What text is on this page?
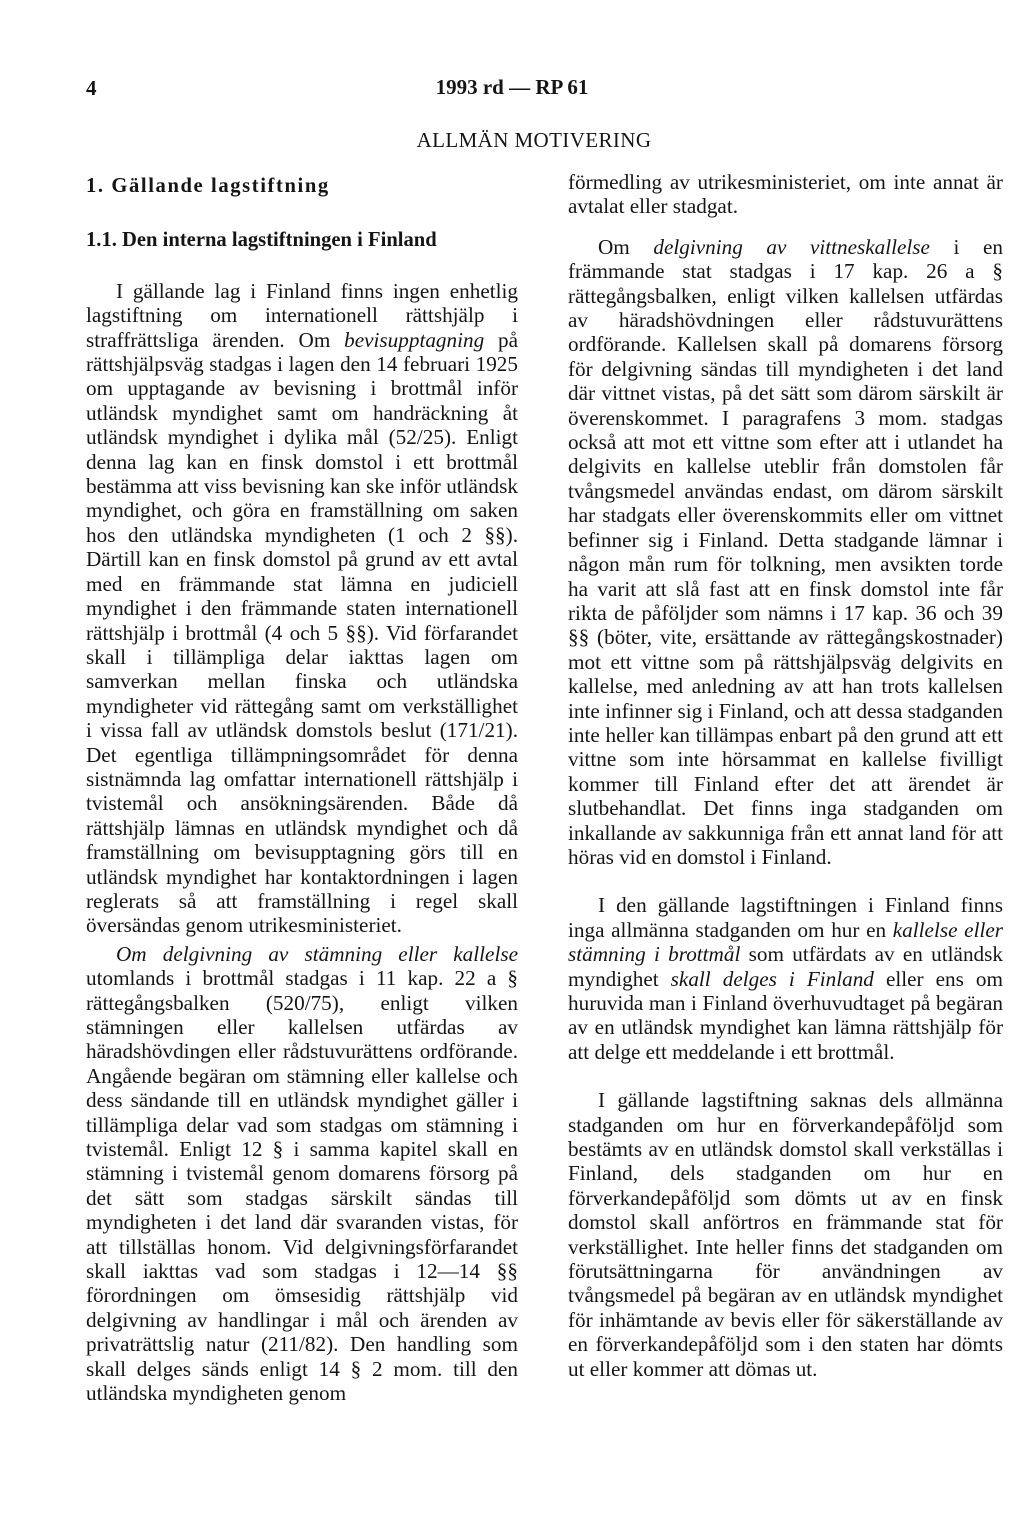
4	1993 rd — RP 61
ALLMÄN MOTIVERING

1. Gällande lagstiftning

1.1. Den interna lagstiftningen i Finland

I gällande lag i Finland finns ingen enhetlig lagstiftning om internationell rättshjälp i straffrättsliga ärenden. Om bevisupptagning på rättshjälpsväg stadgas i lagen den 14 februari 1925 om upptagande av bevisning i brottmål inför utländsk myndighet samt om handräckning åt utländsk myndighet i dylika mål (52/25). Enligt denna lag kan en finsk domstol i ett brottmål bestämma att viss bevisning kan ske inför utländsk myndighet, och göra en framställning om saken hos den utländska myndigheten (1 och 2 §§). Därtill kan en finsk domstol på grund av ett avtal med en främmande stat lämna en judiciell myndighet i den främmande staten internationell rättshjälp i brottmål (4 och 5 §§). Vid förfarandet skall i tillämpliga delar iakttas lagen om samverkan mellan finska och utländska myndigheter vid rättegång samt om verkställighet i vissa fall av utländsk domstols beslut (171/21). Det egentliga tillämpningsområdet för denna sistnämnda lag omfattar internationell rättshjälp i tvistemål och ansökningsärenden. Både då rättshjälp lämnas en utländsk myndighet och då framställning om bevisupptagning görs till en utländsk myndighet har kontaktordningen i lagen reglerats så att framställning i regel skall översändas genom utrikesministeriet.

Om delgivning av stämning eller kallelse utomlands i brottmål stadgas i 11 kap. 22 a § rättegångsbalken (520/75), enligt vilken stämningen eller kallelsen utfärdas av häradshövdingen eller rådstuvurättens ordförande. Angående begäran om stämning eller kallelse och dess sändande till en utländsk myndighet gäller i tillämpliga delar vad som stadgas om stämning i tvistemål. Enligt 12 § i samma kapitel skall en stämning i tvistemål genom domarens försorg på det sätt som stadgas särskilt sändas till myndigheten i det land där svaranden vistas, för att tillställas honom. Vid delgivningsförfarandet skall iakttas vad som stadgas i 12—14 §§ förordningen om ömsesidig rättshjälp vid delgivning av handlingar i mål och ärenden av privaträttslig natur (211/82). Den handling som skall delges sänds enligt 14 § 2 mom. till den utländska myndigheten genom

förmedling av utrikesministeriet, om inte annat är avtalat eller stadgat.

Om delgivning av vittneskallelse i en främmande stat stadgas i 17 kap. 26 a § rättegångsbalken, enligt vilken kallelsen utfärdas av häradshövdningen eller rådstuvurättens ordförande. Kallelsen skall på domarens försorg för delgivning sändas till myndigheten i det land där vittnet vistas, på det sätt som därom särskilt är överenskommet. I paragrafens 3 mom. stadgas också att mot ett vittne som efter att i utlandet ha delgivits en kallelse uteblir från domstolen får tvångsmedel användas endast, om därom särskilt har stadgats eller överenskommits eller om vittnet befinner sig i Finland. Detta stadgande lämnar i någon mån rum för tolkning, men avsikten torde ha varit att slå fast att en finsk domstol inte får rikta de påföljder som nämns i 17 kap. 36 och 39 §§ (böter, vite, ersättande av rättegångskostnader) mot ett vittne som på rättshjälpsväg delgivits en kallelse, med anledning av att han trots kallelsen inte infinner sig i Finland, och att dessa stadganden inte heller kan tillämpas enbart på den grund att ett vittne som inte hörsammat en kallelse fivilligt kommer till Finland efter det att ärendet är slutbehandlat. Det finns inga stadganden om inkallande av sakkunniga från ett annat land för att höras vid en domstol i Finland.

I den gällande lagstiftningen i Finland finns inga allmänna stadganden om hur en kallelse eller stämning i brottmål som utfärdats av en utländsk myndighet skall delges i Finland eller ens om huruvida man i Finland överhuvudtaget på begäran av en utländsk myndighet kan lämna rättshjälp för att delge ett meddelande i ett brottmål.

I gällande lagstiftning saknas dels allmänna stadganden om hur en förverkandepåföljd som bestämts av en utländsk domstol skall verkställas i Finland, dels stadganden om hur en förverkandepåföljd som dömts ut av en finsk domstol skall anförtros en främmande stat för verkställighet. Inte heller finns det stadganden om förutsättningarna för användningen av tvångsmedel på begäran av en utländsk myndighet för inhämtande av bevis eller för säkerställande av en förverkandepåföljd som i den staten har dömts ut eller kommer att dömas ut.
